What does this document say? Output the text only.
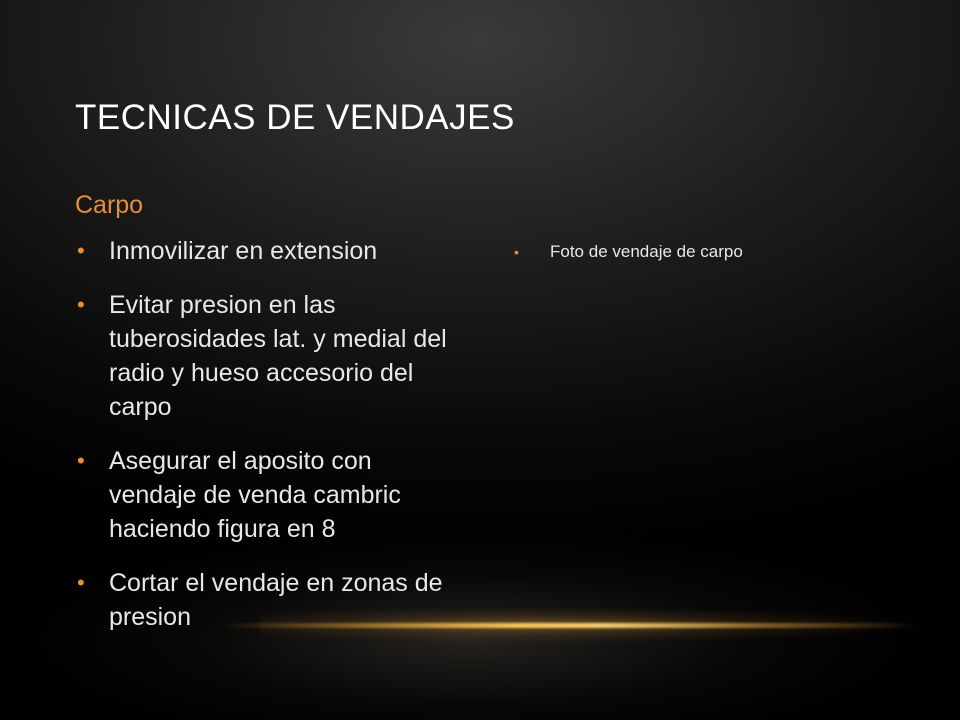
TECNICAS DE VENDAJES
Carpo
• Inmovilizar en extension
• Evitar presion en las tuberosidades lat. y medial del radio y hueso accesorio del carpo
• Asegurar el aposito con vendaje de venda cambric haciendo figura en 8
• Cortar el vendaje en zonas de presion
• Foto de vendaje de carpo
